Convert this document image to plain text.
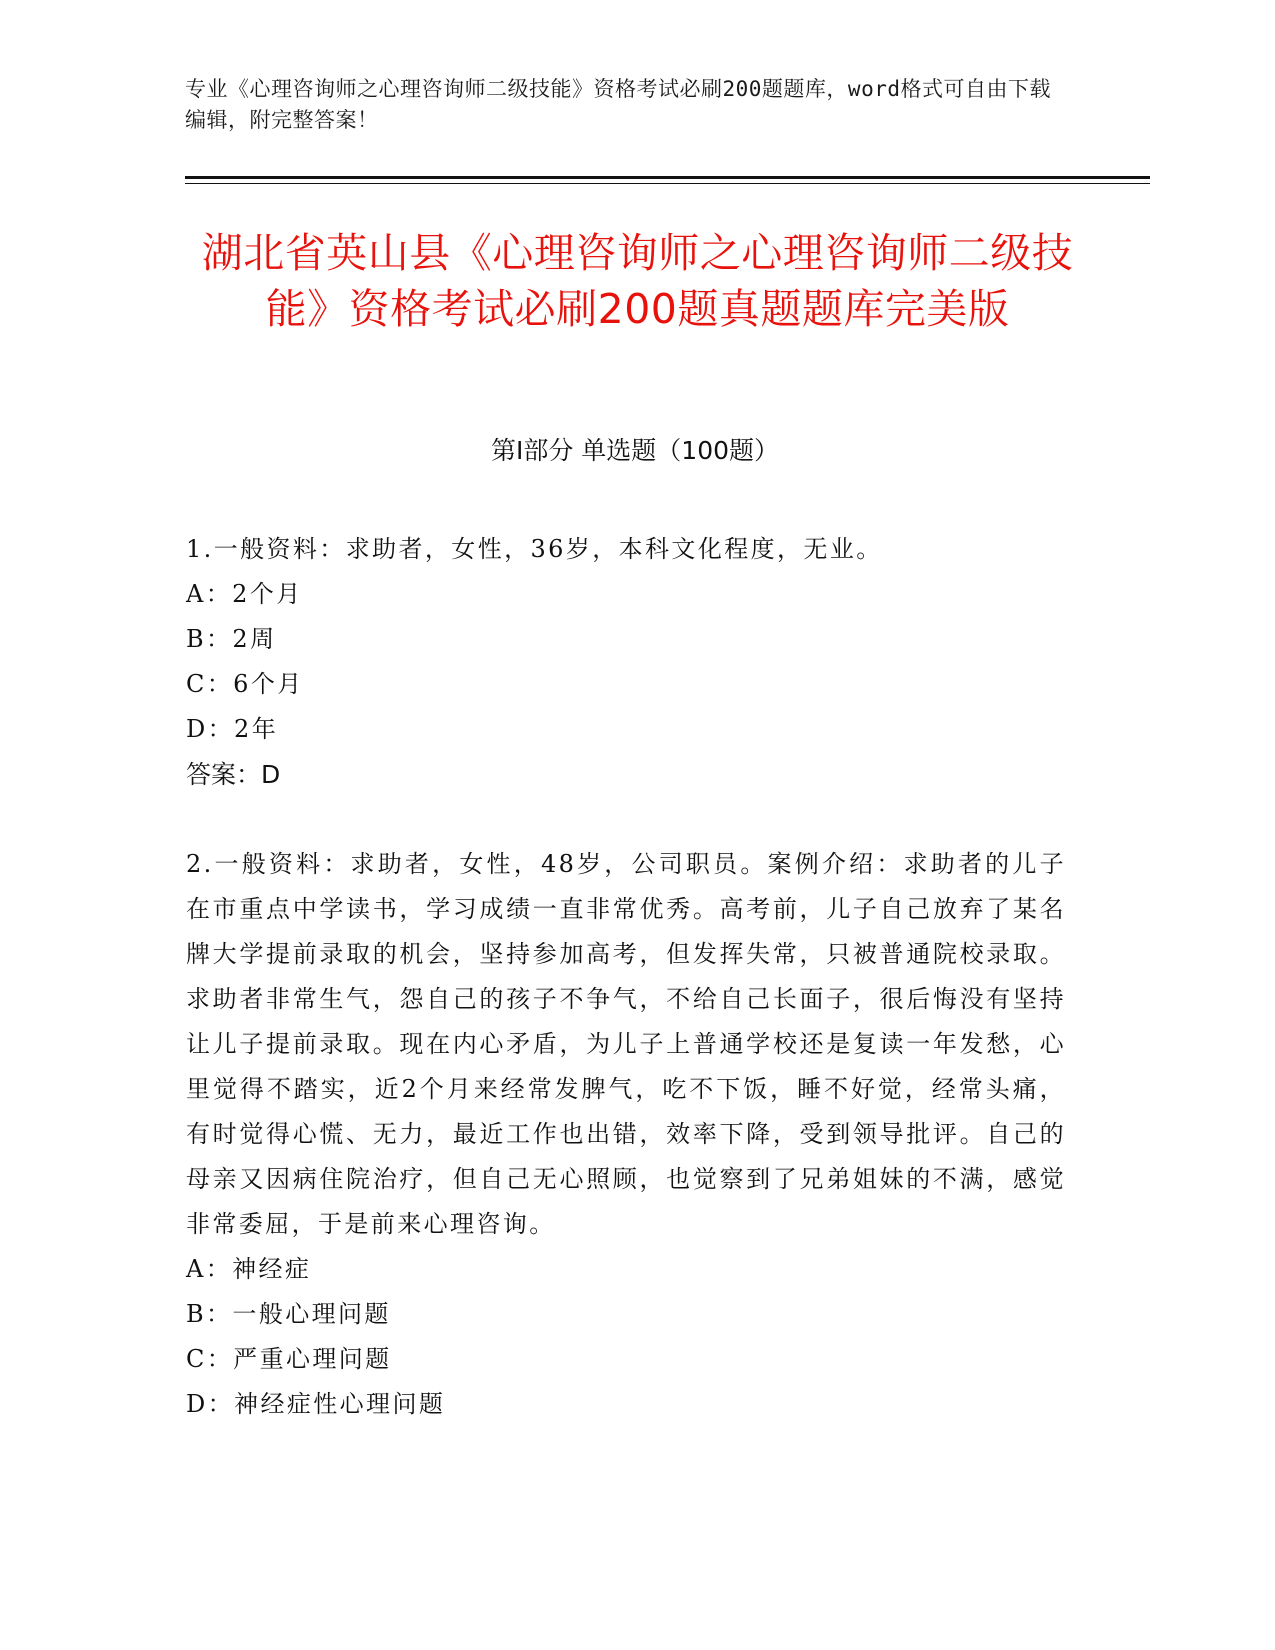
专业《心理咨询师之心理咨询师二级技能》资格考试必刷200题题库，word格式可自由下载编辑，附完整答案！
湖北省英山县《心理咨询师之心理咨询师二级技能》资格考试必刷200题真题题库完美版
第Ⅰ部分 单选题（100题）

1.一般资料：求助者，女性，36岁，本科文化程度，无业。

A：2个月

B：2周

C：6个月

D：2年

答案：D

2.一般资料：求助者，女性，48岁，公司职员。案例介绍：求助者的儿子在市重点中学读书，学习成绩一直非常优秀。高考前，儿子自己放弃了某名牌大学提前录取的机会，坚持参加高考，但发挥失常，只被普通院校录取。求助者非常生气，怨自己的孩子不争气，不给自己长面子，很后悔没有坚持让儿子提前录取。现在内心矛盾，为儿子上普通学校还是复读一年发愁，心里觉得不踏实，近2个月来经常发脾气，吃不下饭，睡不好觉，经常头痛，有时觉得心慌、无力，最近工作也出错，效率下降，受到领导批评。自己的母亲又因病住院治疗，但自己无心照顾，也觉察到了兄弟姐妹的不满，感觉非常委屈，于是前来心理咨询。

A：神经症

B：一般心理问题

C：严重心理问题

D：神经症性心理问题
